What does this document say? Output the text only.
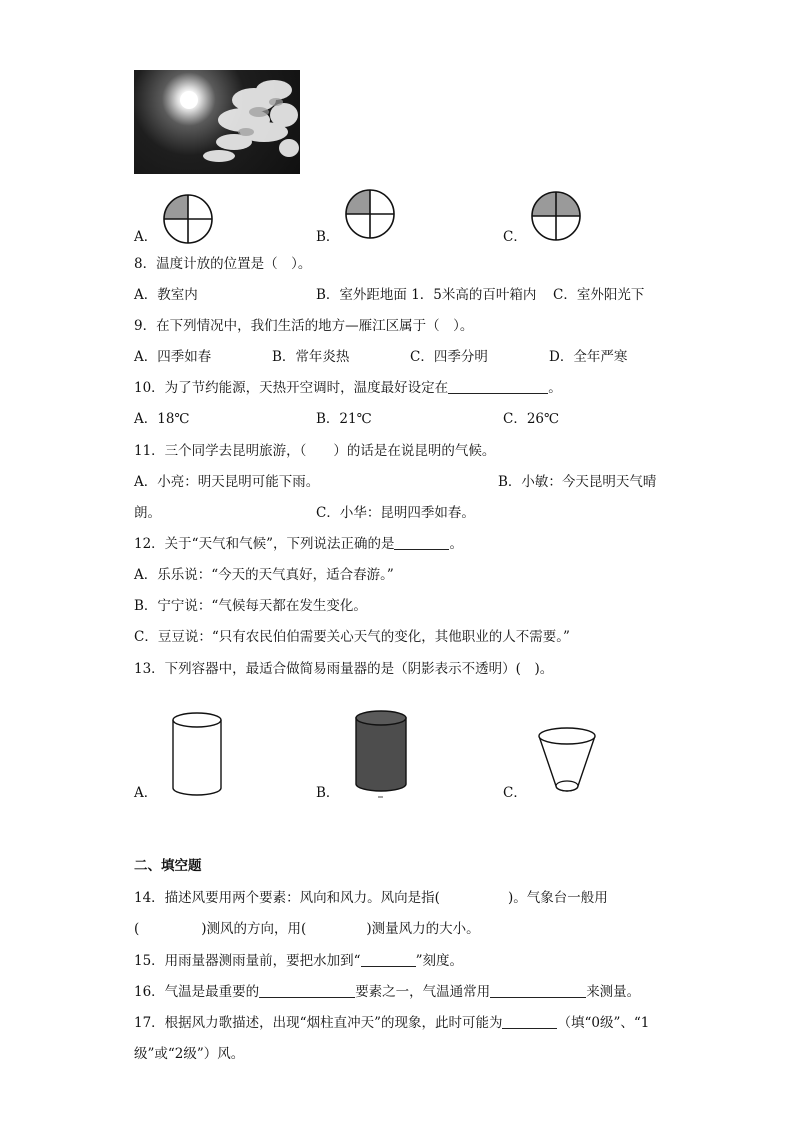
A．	B．	C．
8．温度计放的位置是（　）。
A．教室内	B．室外距地面 1．5米高的百叶箱内 C．室外阳光下
9．在下列情况中，我们生活的地方—雁江区属于（　）。
A．四季如春	B．常年炎热	C．四季分明	D．全年严寒
10．为了节约能源，天热开空调时，温度最好设定在	。
A．18℃	B．21℃	C．26℃
11．三个同学去昆明旅游，（　　）的话是在说昆明的气候。
A．小亮：明天昆明可能下雨。	B．小敏：今天昆明天气晴
朗。	C．小华：昆明四季如春。
12．关于“天气和气候”，下列说法正确的是	。
A．乐乐说：“今天的天气真好，适合春游。”
B．宁宁说：“气候每天都在发生变化。
C．豆豆说：“只有农民伯伯需要关心天气的变化，其他职业的人不需要。”
13．下列容器中，最适合做简易雨量器的是（阴影表示不透明）(　)。
A．	B．	C．
二、填空题
14．描述风要用两个要素：风向和风力。风向是指(	)。气象台一般用
(	)测风的方向，用(	)测量风力的大小。
15．用雨量器测雨量前，要把水加到“	”刻度。
16．气温是最重要的	要素之一，气温通常用	来测量。
17．根据风力歌描述，出现“烟柱直冲天”的现象，此时可能为	（填“0级”、“1
级”或“2级”）风。
